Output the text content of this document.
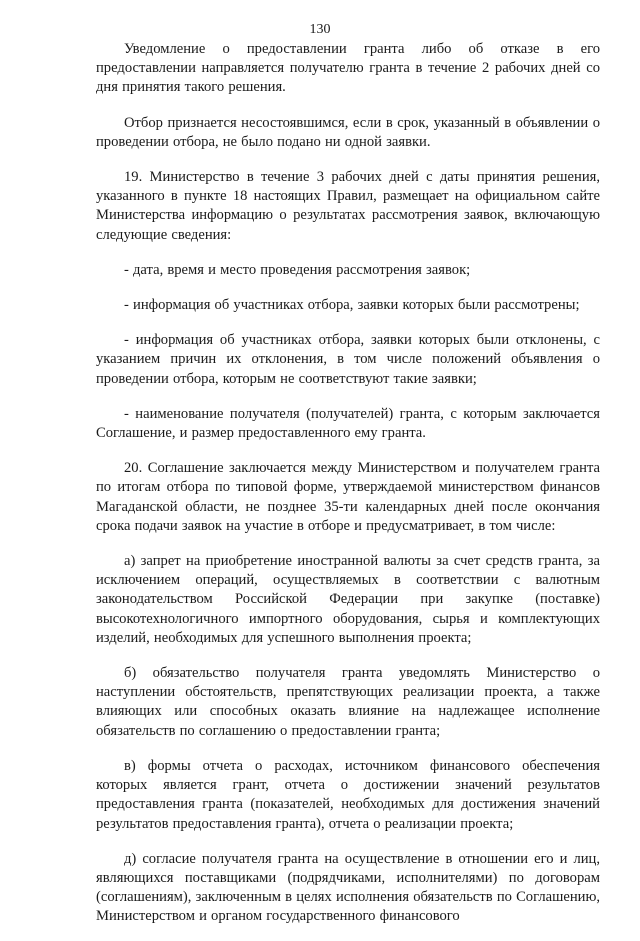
130

Уведомление о предоставлении гранта либо об отказе в его предоставлении направляется получателю гранта в течение 2 рабочих дней со дня принятия такого решения.

Отбор признается несостоявшимся, если в срок, указанный в объявлении о проведении отбора, не было подано ни одной заявки.

19. Министерство в течение 3 рабочих дней с даты принятия решения, указанного в пункте 18 настоящих Правил, размещает на официальном сайте Министерства информацию о результатах рассмотрения заявок, включающую следующие сведения:

- дата, время и место проведения рассмотрения заявок;

- информация об участниках отбора, заявки которых были рассмотрены;

- информация об участниках отбора, заявки которых были отклонены, с указанием причин их отклонения, в том числе положений объявления о проведении отбора, которым не соответствуют такие заявки;

- наименование получателя (получателей) гранта, с которым заключается Соглашение, и размер предоставленного ему гранта.

20. Соглашение заключается между Министерством и получателем гранта по итогам отбора по типовой форме, утверждаемой министерством финансов Магаданской области, не позднее 35-ти календарных дней после окончания срока подачи заявок на участие в отборе и предусматривает, в том числе:

а) запрет на приобретение иностранной валюты за счет средств гранта, за исключением операций, осуществляемых в соответствии с валютным законодательством Российской Федерации при закупке (поставке) высокотехнологичного импортного оборудования, сырья и комплектующих изделий, необходимых для успешного выполнения проекта;

б) обязательство получателя гранта уведомлять Министерство о наступлении обстоятельств, препятствующих реализации проекта, а также влияющих или способных оказать влияние на надлежащее исполнение обязательств по соглашению о предоставлении гранта;

в) формы отчета о расходах, источником финансового обеспечения которых является грант, отчета о достижении значений результатов предоставления гранта (показателей, необходимых для достижения значений результатов предоставления гранта), отчета о реализации проекта;

д) согласие получателя гранта на осуществление в отношении его и лиц, являющихся поставщиками (подрядчиками, исполнителями) по договорам (соглашениям), заключенным в целях исполнения обязательств по Соглашению, Министерством и органом государственного финансового
